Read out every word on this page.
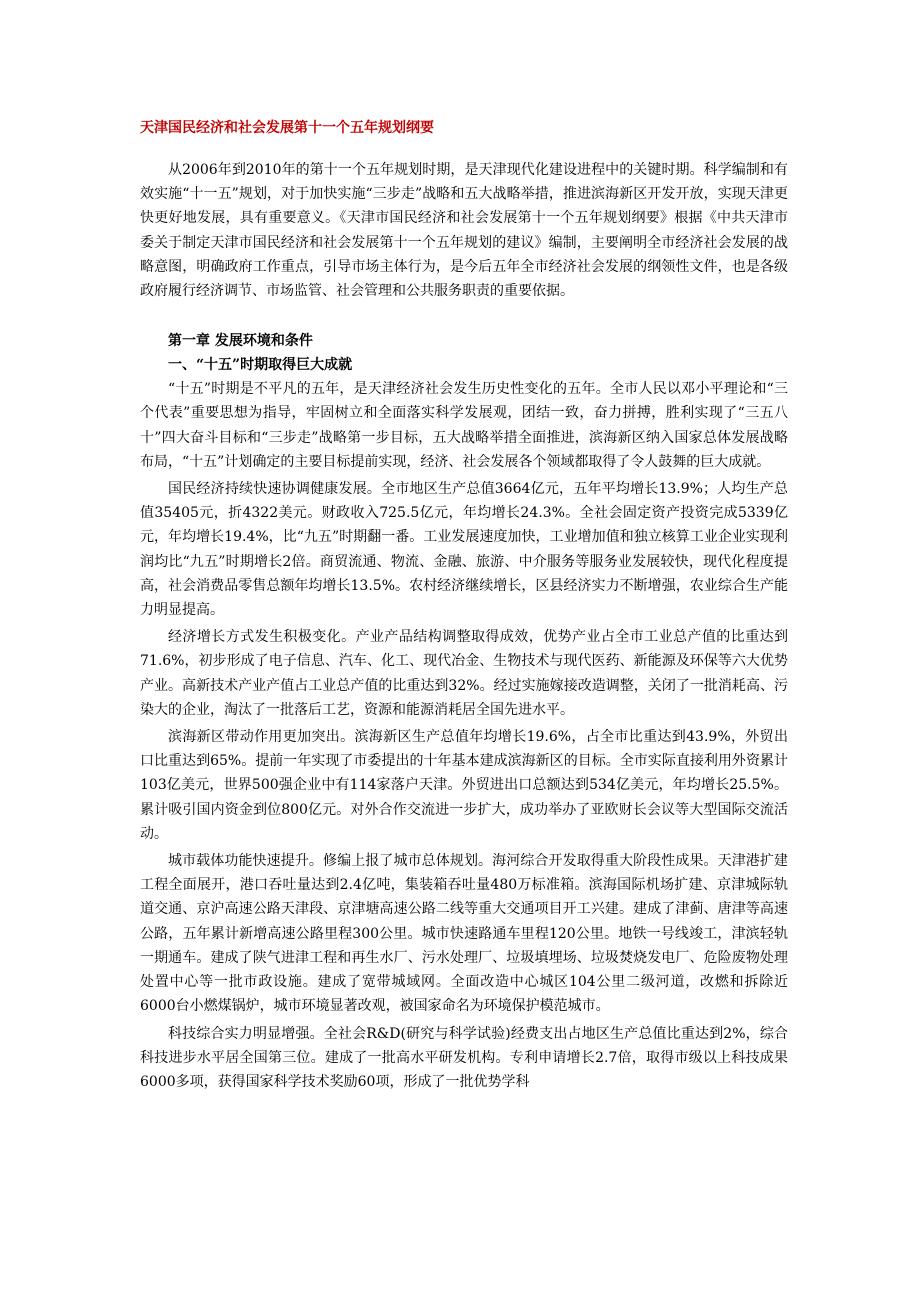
天津国民经济和社会发展第十一个五年规划纲要

从2006年到2010年的第十一个五年规划时期，是天津现代化建设进程中的关键时期。科学编制和有效实施“十一五”规划，对于加快实施“三步走”战略和五大战略举措，推进滨海新区开发开放，实现天津更快更好地发展，具有重要意义。《天津市国民经济和社会发展第十一个五年规划纲要》根据《中共天津市委关于制定天津市国民经济和社会发展第十一个五年规划的建议》编制，主要阐明全市经济社会发展的战略意图，明确政府工作重点，引导市场主体行为，是今后五年全市经济社会发展的纲领性文件，也是各级政府履行经济调节、市场监管、社会管理和公共服务职责的重要依据。

第一章 发展环境和条件
一、“十五”时期取得巨大成就

“十五”时期是不平凡的五年，是天津经济社会发生历史性变化的五年。全市人民以邓小平理论和“三个代表”重要思想为指导，牢固树立和全面落实科学发展观，团结一致，奋力拼搏，胜利实现了“三五八十”四大奋斗目标和“三步走”战略第一步目标，五大战略举措全面推进，滨海新区纳入国家总体发展战略布局，“十五”计划确定的主要目标提前实现，经济、社会发展各个领域都取得了令人鼓舞的巨大成就。

国民经济持续快速协调健康发展。全市地区生产总值3664亿元，五年平均增长13.9%；人均生产总值35405元，折4322美元。财政收入725.5亿元，年均增长24.3%。全社会固定资产投资完成5339亿元，年均增长19.4%，比“九五”时期翻一番。工业发展速度加快，工业增加值和独立核算工业企业实现利润均比“九五”时期增长2倍。商贸流通、物流、金融、旅游、中介服务等服务业发展较快，现代化程度提高，社会消费品零售总额年均增长13.5%。农村经济继续增长，区县经济实力不断增强，农业综合生产能力明显提高。

经济增长方式发生积极变化。产业产品结构调整取得成效，优势产业占全市工业总产值的比重达到71.6%，初步形成了电子信息、汽车、化工、现代冶金、生物技术与现代医药、新能源及环保等六大优势产业。高新技术产业产值占工业总产值的比重达到32%。经过实施嫁接改造调整，关闭了一批消耗高、污染大的企业，淘汰了一批落后工艺，资源和能源消耗居全国先进水平。

滨海新区带动作用更加突出。滨海新区生产总值年均增长19.6%，占全市比重达到43.9%，外贸出口比重达到65%。提前一年实现了市委提出的十年基本建成滨海新区的目标。全市实际直接利用外资累计103亿美元，世界500强企业中有114家落户天津。外贸进出口总额达到534亿美元，年均增长25.5%。累计吸引国内资金到位800亿元。对外合作交流进一步扩大，成功举办了亚欧财长会议等大型国际交流活动。

城市载体功能快速提升。修编上报了城市总体规划。海河综合开发取得重大阶段性成果。天津港扩建工程全面展开，港口吞吐量达到2.4亿吨，集装箱吞吐量480万标准箱。滨海国际机场扩建、京津城际轨道交通、京沪高速公路天津段、京津塘高速公路二线等重大交通项目开工兴建。建成了津蓟、唐津等高速公路，五年累计新增高速公路里程300公里。城市快速路通车里程120公里。地铁一号线竣工，津滨轻轨一期通车。建成了陕气进津工程和再生水厂、污水处理厂、垃圾填埋场、垃圾焚烧发电厂、危险废物处理处置中心等一批市政设施。建成了宽带城域网。全面改造中心城区104公里二级河道，改燃和拆除近6000台小燃煤锅炉，城市环境显著改观，被国家命名为环境保护模范城市。

科技综合实力明显增强。全社会R&D(研究与科学试验)经费支出占地区生产总值比重达到2%，综合科技进步水平居全国第三位。建成了一批高水平研发机构。专利申请增长2.7倍，取得市级以上科技成果6000多项，获得国家科学技术奖励60项，形成了一批优势学科
